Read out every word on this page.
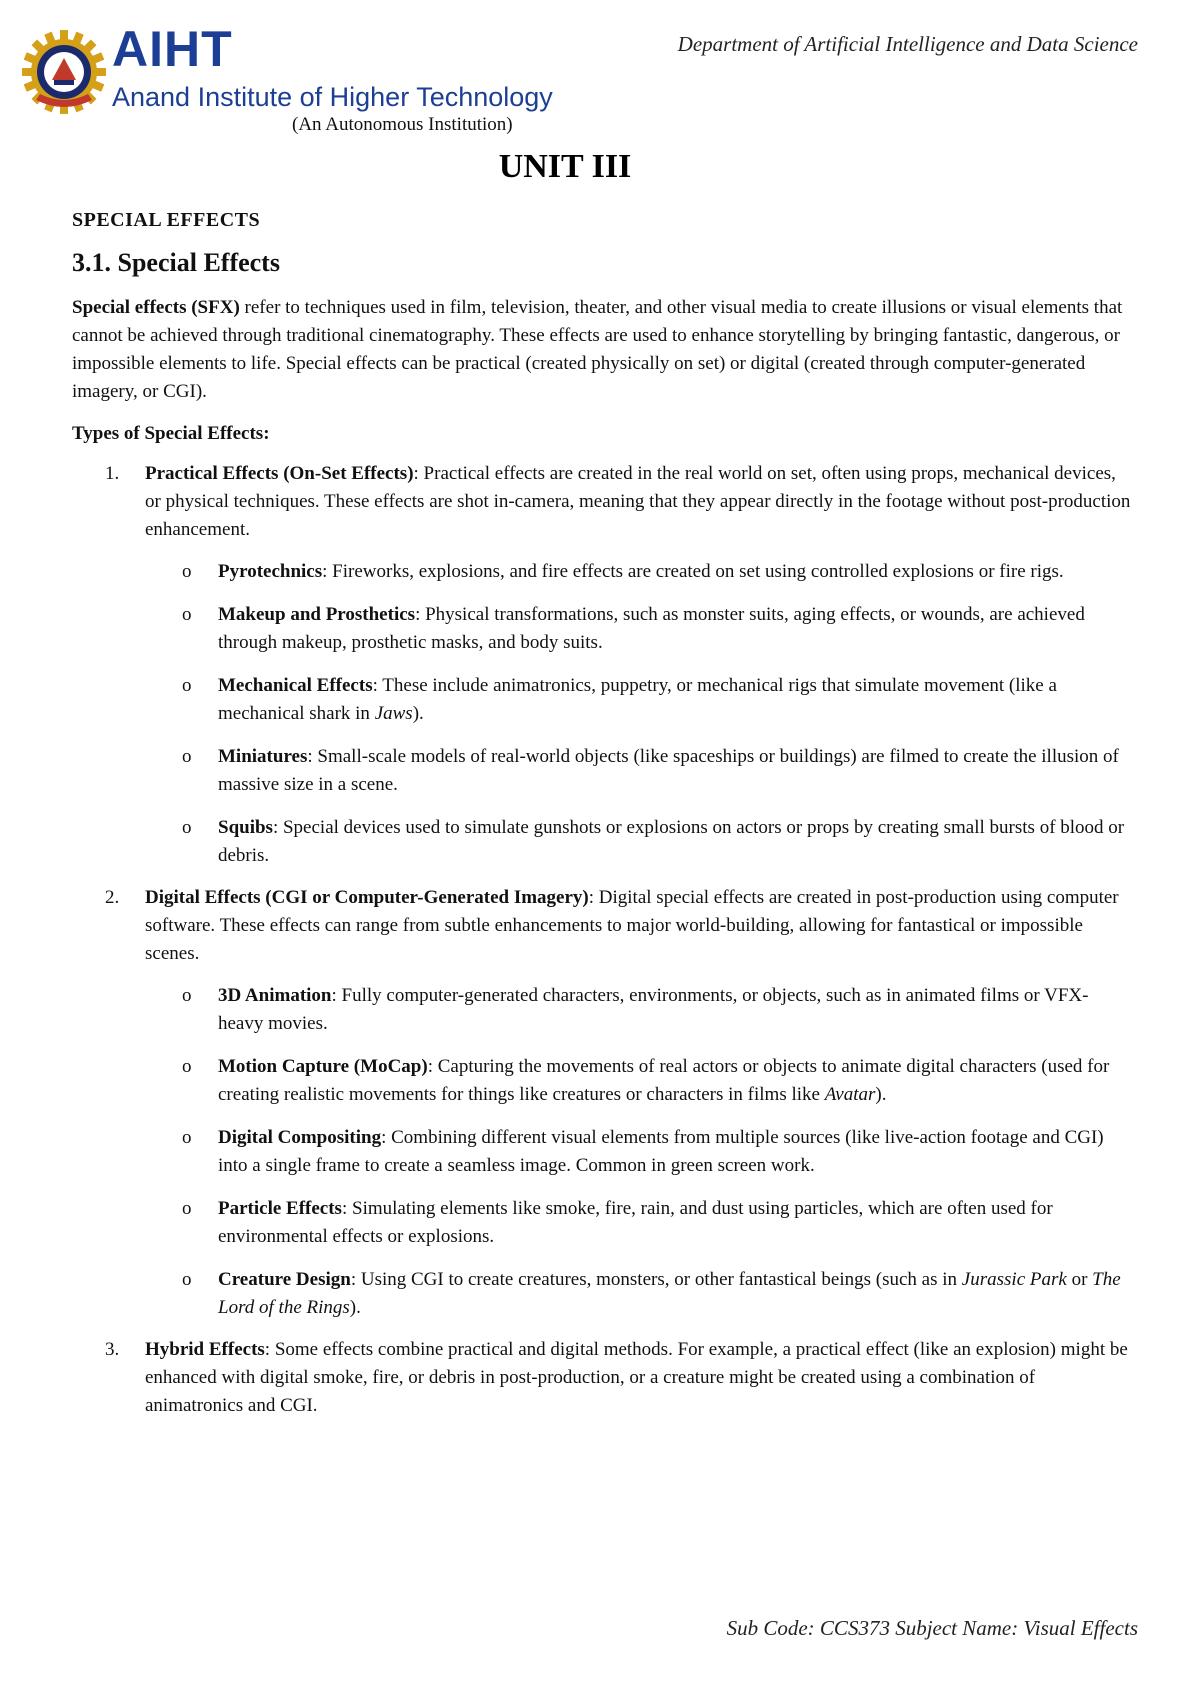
AIHT
Anand Institute of Higher Technology
(An Autonomous Institution)
Department of Artificial Intelligence and Data Science
UNIT III
SPECIAL EFFECTS
3.1. Special Effects

Special effects (SFX) refer to techniques used in film, television, theater, and other visual media to create illusions or visual elements that cannot be achieved through traditional cinematography. These effects are used to enhance storytelling by bringing fantastic, dangerous, or impossible elements to life. Special effects can be practical (created physically on set) or digital (created through computer-generated imagery, or CGI).

Types of Special Effects:
1. Practical Effects (On-Set Effects): Practical effects are created in the real world on set, often using props, mechanical devices, or physical techniques. These effects are shot in-camera, meaning that they appear directly in the footage without post-production enhancement.
o Pyrotechnics: Fireworks, explosions, and fire effects are created on set using controlled explosions or fire rigs.
o Makeup and Prosthetics: Physical transformations, such as monster suits, aging effects, or wounds, are achieved through makeup, prosthetic masks, and body suits.
o Mechanical Effects: These include animatronics, puppetry, or mechanical rigs that simulate movement (like a mechanical shark in Jaws).
o Miniatures: Small-scale models of real-world objects (like spaceships or buildings) are filmed to create the illusion of massive size in a scene.
o Squibs: Special devices used to simulate gunshots or explosions on actors or props by creating small bursts of blood or debris.
2. Digital Effects (CGI or Computer-Generated Imagery): Digital special effects are created in post-production using computer software. These effects can range from subtle enhancements to major world-building, allowing for fantastical or impossible scenes.
o 3D Animation: Fully computer-generated characters, environments, or objects, such as in animated films or VFX-heavy movies.
o Motion Capture (MoCap): Capturing the movements of real actors or objects to animate digital characters (used for creating realistic movements for things like creatures or characters in films like Avatar).
o Digital Compositing: Combining different visual elements from multiple sources (like live-action footage and CGI) into a single frame to create a seamless image. Common in green screen work.
o Particle Effects: Simulating elements like smoke, fire, rain, and dust using particles, which are often used for environmental effects or explosions.
o Creature Design: Using CGI to create creatures, monsters, or other fantastical beings (such as in Jurassic Park or The Lord of the Rings).
3. Hybrid Effects: Some effects combine practical and digital methods. For example, a practical effect (like an explosion) might be enhanced with digital smoke, fire, or debris in post-production, or a creature might be created using a combination of animatronics and CGI.
Sub Code: CCS373 Subject Name: Visual Effects
